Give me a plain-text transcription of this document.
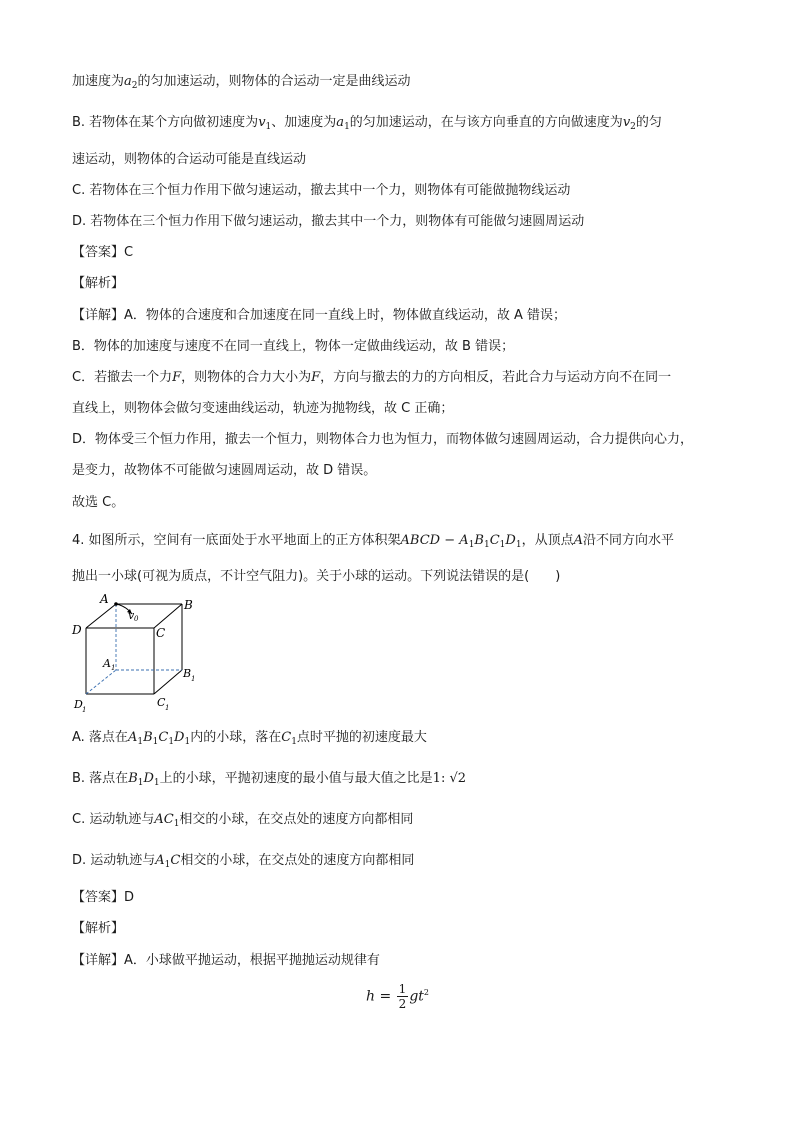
加速度为$a_2$的匀加速运动，则物体的合运动一定是曲线运动
B. 若物体在某个方向做初速度为$v_1$、加速度为$a_1$的匀加速运动，在与该方向垂直的方向做速度为$v_2$的匀
速运动，则物体的合运动可能是直线运动
C. 若物体在三个恒力作用下做匀速运动，撤去其中一个力，则物体有可能做抛物线运动
D. 若物体在三个恒力作用下做匀速运动，撤去其中一个力，则物体有可能做匀速圆周运动
【答案】C
【解析】
【详解】A．物体的合速度和合加速度在同一直线上时，物体做直线运动，故 A 错误；
B．物体的加速度与速度不在同一直线上，物体一定做曲线运动，故 B 错误；
C．若撤去一个力F，则物体的合力大小为F，方向与撤去的力的方向相反，若此合力与运动方向不在同一
直线上，则物体会做匀变速曲线运动，轨迹为抛物线，故 C 正确；
D．物体受三个恒力作用，撤去一个恒力，则物体合力也为恒力，而物体做匀速圆周运动，合力提供向心力，
是变力，故物体不可能做匀速圆周运动，故 D 错误。
故选 C。
4. 如图所示，空间有一底面处于水平地面上的正方体积架ABCD − $A_1B_1C_1D_1$，从顶点A沿不同方向水平
抛出一小球(可视为质点，不计空气阻力)。关于小球的运动。下列说法错误的是(　　)
A	B
C
D
v 0
A 1	B 1
C 1
D 1
A. 落点在$A_1B_1C_1D_1$内的小球，落在$C_1$点时平抛的初速度最大
B. 落点在$B_1D_1$上的小球，平抛初速度的最小值与最大值之比是1: √2
C. 运动轨迹与$AC_1$相交的小球，在交点处的速度方向都相同
D. 运动轨迹与$A_1C$相交的小球，在交点处的速度方向都相同
【答案】D
【解析】
【详解】A．小球做平抛运动，根据平抛抛运动规律有
$h = \frac{1}{2} gt^2$
